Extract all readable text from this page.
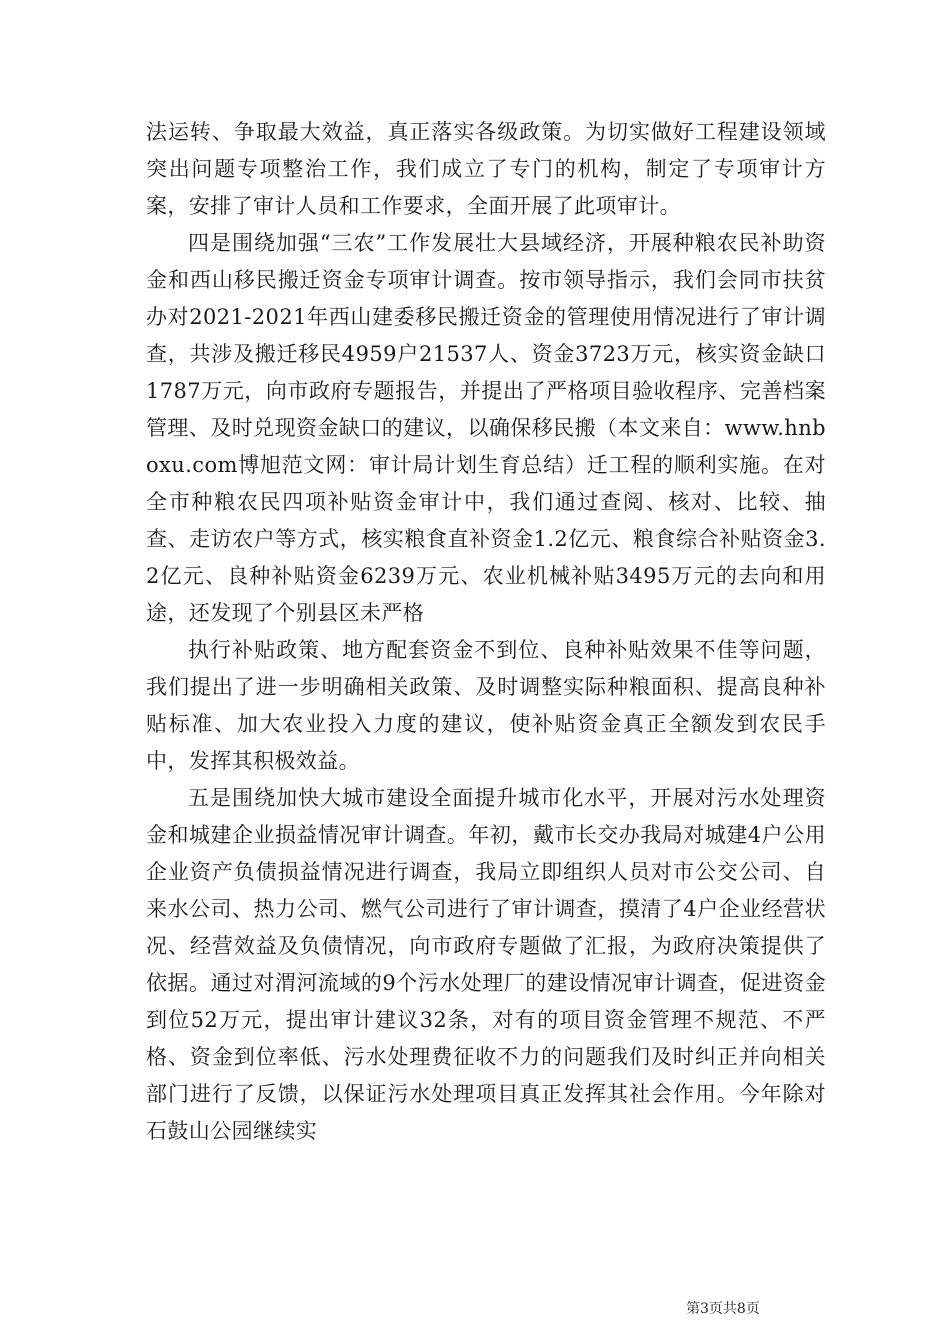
法运转、争取最大效益，真正落实各级政策。为切实做好工程建设领域突出问题专项整治工作，我们成立了专门的机构，制定了专项审计方案，安排了审计人员和工作要求，全面开展了此项审计。

四是围绕加强“三农”工作发展壮大县域经济，开展种粮农民补助资金和西山移民搬迁资金专项审计调查。按市领导指示，我们会同市扶贫办对2021-2021年西山建委移民搬迁资金的管理使用情况进行了审计调查，共涉及搬迁移民4959户21537人、资金3723万元，核实资金缺口1787万元，向市政府专题报告，并提出了严格项目验收程序、完善档案管理、及时兑现资金缺口的建议，以确保移民搬（本文来自：www.hnboxu.com博旭范文网：审计局计划生育总结）迁工程的顺利实施。在对全市种粮农民四项补贴资金审计中，我们通过查阅、核对、比较、抽查、走访农户等方式，核实粮食直补资金1.2亿元、粮食综合补贴资金3.2亿元、良种补贴资金6239万元、农业机械补贴3495万元的去向和用途，还发现了个别县区未严格

执行补贴政策、地方配套资金不到位、良种补贴效果不佳等问题，我们提出了进一步明确相关政策、及时调整实际种粮面积、提高良种补贴标准、加大农业投入力度的建议，使补贴资金真正全额发到农民手中，发挥其积极效益。

五是围绕加快大城市建设全面提升城市化水平，开展对污水处理资金和城建企业损益情况审计调查。年初，戴市长交办我局对城建4户公用企业资产负债损益情况进行调查，我局立即组织人员对市公交公司、自来水公司、热力公司、燃气公司进行了审计调查，摸清了4户企业经营状况、经营效益及负债情况，向市政府专题做了汇报，为政府决策提供了依据。通过对渭河流域的9个污水处理厂的建设情况审计调查，促进资金到位52万元，提出审计建议32条，对有的项目资金管理不规范、不严格、资金到位率低、污水处理费征收不力的问题我们及时纠正并向相关部门进行了反馈，以保证污水处理项目真正发挥其社会作用。今年除对石鼓山公园继续实

第3页共8页
